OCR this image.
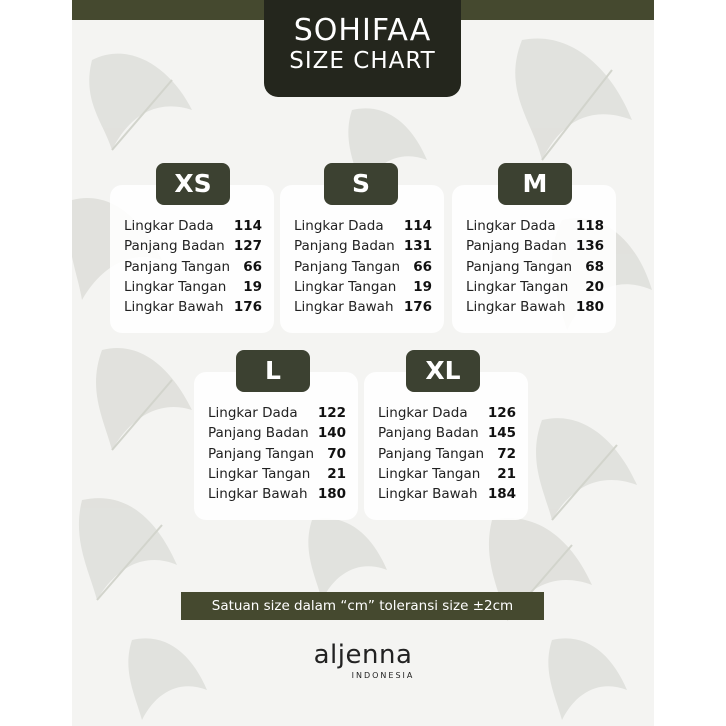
SOHIFAA
SIZE CHART
XS
Lingkar Dada 114
Panjang Badan 127
Panjang Tangan 66
Lingkar Tangan 19
Lingkar Bawah 176
S
Lingkar Dada 114
Panjang Badan 131
Panjang Tangan 66
Lingkar Tangan 19
Lingkar Bawah 176
M
Lingkar Dada 118
Panjang Badan 136
Panjang Tangan 68
Lingkar Tangan 20
Lingkar Bawah 180
L
Lingkar Dada 122
Panjang Badan 140
Panjang Tangan 70
Lingkar Tangan 21
Lingkar Bawah 180
XL
Lingkar Dada 126
Panjang Badan 145
Panjang Tangan 72
Lingkar Tangan 21
Lingkar Bawah 184
Satuan size dalam “cm” toleransi size ±2cm
aljenna
INDONESIA
